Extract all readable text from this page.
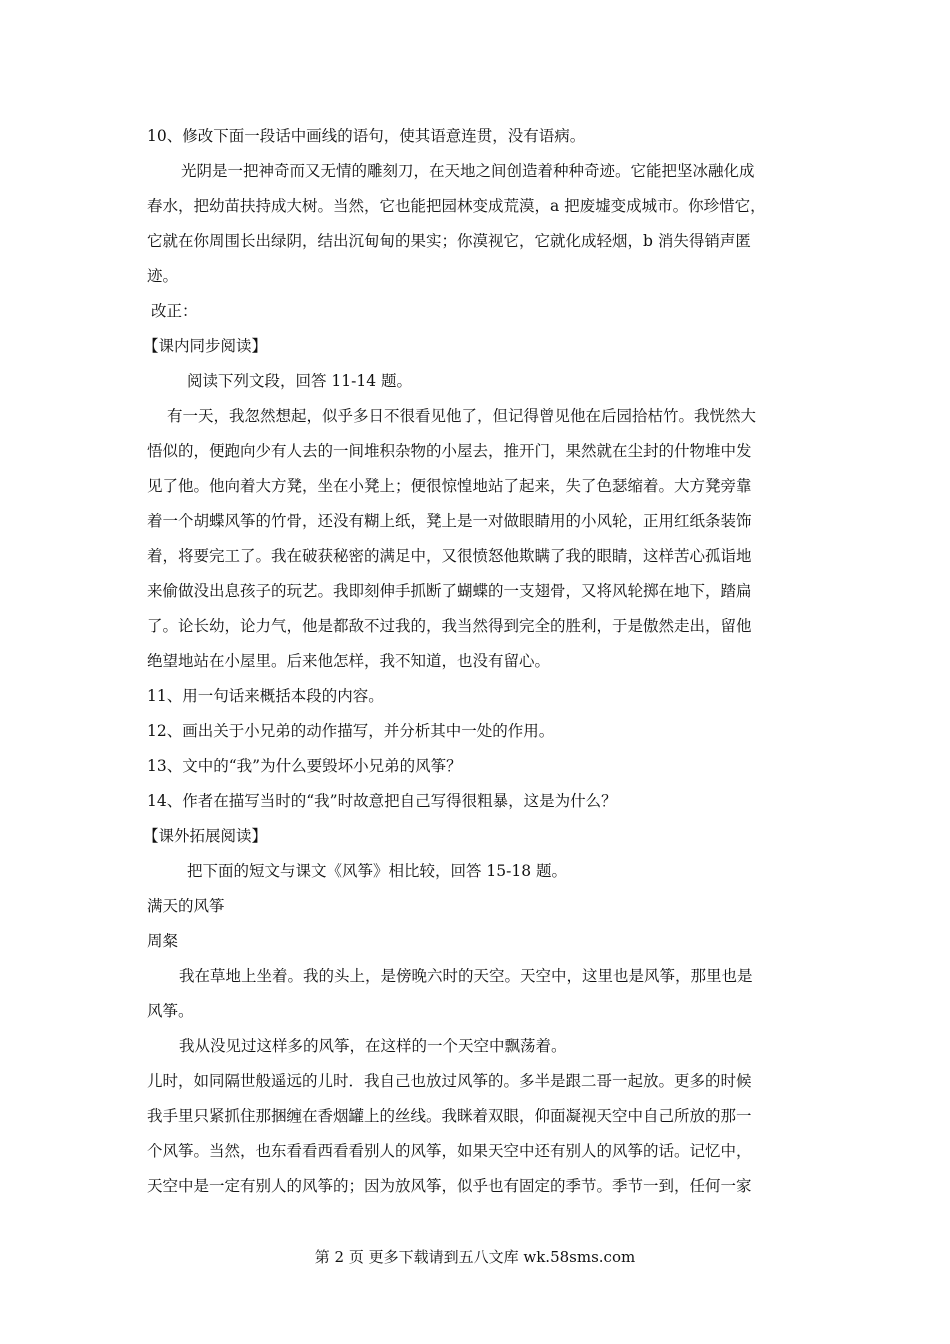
10、修改下面一段话中画线的语句，使其语意连贯，没有语病。
光阴是一把神奇而又无情的雕刻刀，在天地之间创造着种种奇迹。它能把坚冰融化成
春水，把幼苗扶持成大树。当然，它也能把园林变成荒漠，a 把废墟变成城市。你珍惜它，
它就在你周围长出绿阴，结出沉甸甸的果实；你漠视它，它就化成轻烟，b 消失得销声匿
迹。
改正：
【课内同步阅读】
阅读下列文段，回答 11-14 题。
有一天，我忽然想起，似乎多日不很看见他了，但记得曾见他在后园拾枯竹。我恍然大
悟似的，便跑向少有人去的一间堆积杂物的小屋去，推开门，果然就在尘封的什物堆中发
见了他。他向着大方凳，坐在小凳上；便很惊惶地站了起来，失了色瑟缩着。大方凳旁靠
着一个胡蝶风筝的竹骨，还没有糊上纸，凳上是一对做眼睛用的小风轮，正用红纸条装饰
着，将要完工了。我在破获秘密的满足中，又很愤怒他欺瞒了我的眼睛，这样苦心孤诣地
来偷做没出息孩子的玩艺。我即刻伸手抓断了蝴蝶的一支翅骨，又将风轮掷在地下，踏扁
了。论长幼，论力气，他是都敌不过我的，我当然得到完全的胜利，于是傲然走出，留他
绝望地站在小屋里。后来他怎样，我不知道，也没有留心。
11、用一句话来概括本段的内容。
12、画出关于小兄弟的动作描写，并分析其中一处的作用。
13、文中的“我”为什么要毁坏小兄弟的风筝？
14、作者在描写当时的“我”时故意把自己写得很粗暴，这是为什么？
【课外拓展阅读】
把下面的短文与课文《风筝》相比较，回答 15-18 题。
满天的风筝
周粲
我在草地上坐着。我的头上，是傍晚六时的天空。天空中，这里也是风筝，那里也是
风筝。
我从没见过这样多的风筝，在这样的一个天空中飘荡着。
儿时，如同隔世般遥远的儿时．我自己也放过风筝的。多半是跟二哥一起放。更多的时候
我手里只紧抓住那捆缠在香烟罐上的丝线。我眯着双眼，仰面凝视天空中自己所放的那一
个风筝。当然，也东看看西看看别人的风筝，如果天空中还有别人的风筝的话。记忆中，
天空中是一定有别人的风筝的；因为放风筝，似乎也有固定的季节。季节一到，任何一家
第 2 页 更多下载请到五八文库 wk.58sms.com
